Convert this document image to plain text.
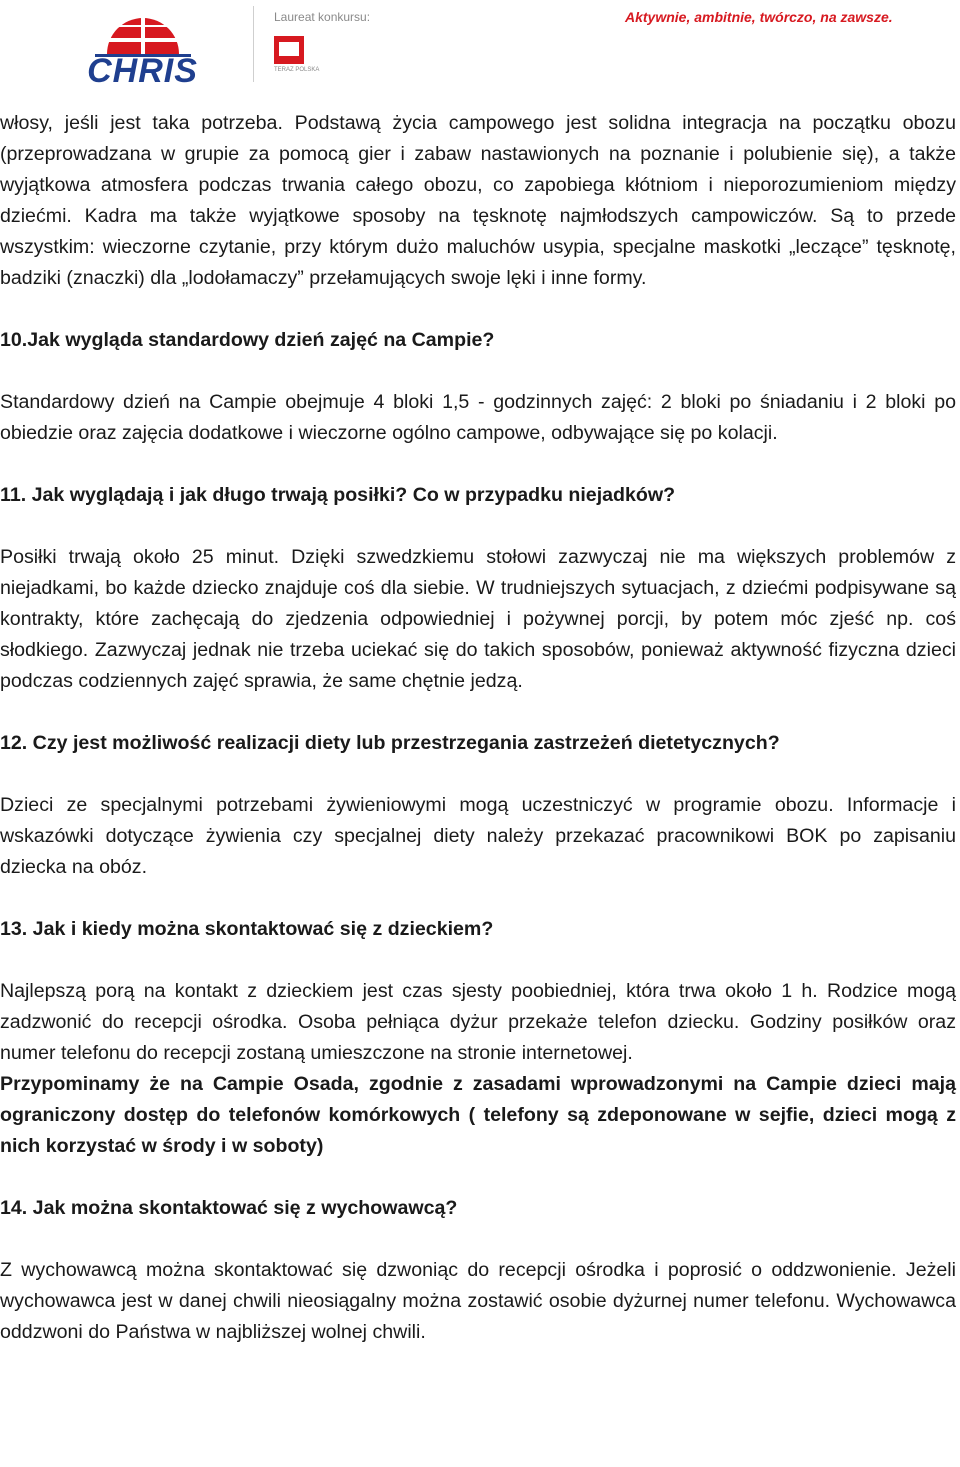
CHRIS
Laureat konkursu:
TERAZ POLSKA
Aktywnie, ambitnie, twórczo, na zawsze.

włosy, jeśli jest taka potrzeba. Podstawą życia campowego jest solidna integracja na początku obozu (przeprowadzana w grupie za pomocą gier i zabaw nastawionych na poznanie i polubienie się), a także wyjątkowa atmosfera podczas trwania całego obozu, co zapobiega kłótniom i nieporozumieniom między dziećmi. Kadra ma także wyjątkowe sposoby na tęsknotę najmłodszych campowiczów. Są to przede wszystkim: wieczorne czytanie, przy którym dużo maluchów usypia, specjalne maskotki „leczące” tęsknotę, badziki (znaczki) dla „lodołamaczy” przełamujących swoje lęki i inne formy.

10.Jak wygląda standardowy dzień zajęć na Campie?

Standardowy dzień na Campie obejmuje 4 bloki 1,5 - godzinnych zajęć: 2 bloki po śniadaniu i 2 bloki po obiedzie oraz zajęcia dodatkowe i wieczorne ogólno campowe, odbywające się po kolacji.

11. Jak wyglądają i jak długo trwają posiłki? Co w przypadku niejadków?

Posiłki trwają około 25 minut. Dzięki szwedzkiemu stołowi zazwyczaj nie ma większych problemów z niejadkami, bo każde dziecko znajduje coś dla siebie. W trudniejszych sytuacjach, z dziećmi podpisywane są kontrakty, które zachęcają do zjedzenia odpowiedniej i pożywnej porcji, by potem móc zjeść np. coś słodkiego. Zazwyczaj jednak nie trzeba uciekać się do takich sposobów, ponieważ aktywność fizyczna dzieci podczas codziennych zajęć sprawia, że same chętnie jedzą.

12. Czy jest możliwość realizacji diety lub przestrzegania zastrzeżeń dietetycznych?

Dzieci ze specjalnymi potrzebami żywieniowymi mogą uczestniczyć w programie obozu. Informacje i wskazówki dotyczące żywienia czy specjalnej diety należy przekazać pracownikowi BOK po zapisaniu dziecka na obóz.

13. Jak i kiedy można skontaktować się z dzieckiem?

Najlepszą porą na kontakt z dzieckiem jest czas sjesty poobiedniej, która trwa około 1 h. Rodzice mogą zadzwonić do recepcji ośrodka. Osoba pełniąca dyżur przekaże telefon dziecku. Godziny posiłków oraz numer telefonu do recepcji zostaną umieszczone na stronie internetowej.

Przypominamy że na Campie Osada, zgodnie z zasadami wprowadzonymi na Campie dzieci mają ograniczony dostęp do telefonów komórkowych ( telefony są zdeponowane w sejfie, dzieci mogą z nich korzystać w środy i w soboty)

14. Jak można skontaktować się z wychowawcą?

Z wychowawcą można skontaktować się dzwoniąc do recepcji ośrodka i poprosić o oddzwonienie. Jeżeli wychowawca jest w danej chwili nieosiągalny można zostawić osobie dyżurnej numer telefonu. Wychowawca oddzwoni do Państwa w najbliższej wolnej chwili.
